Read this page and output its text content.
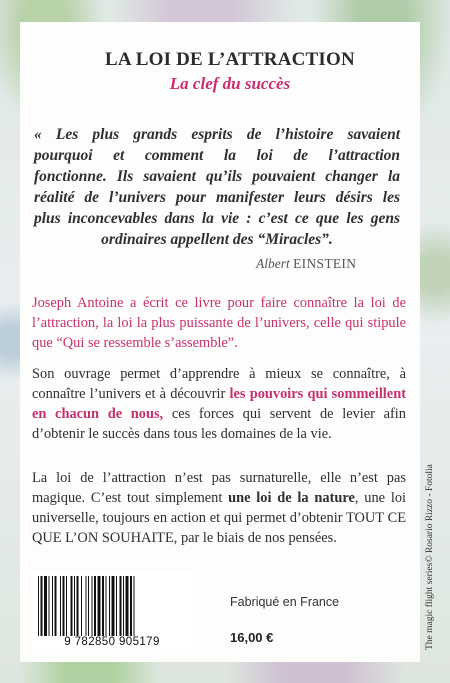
LA LOI DE L’ATTRACTION
La clef du succès

« Les plus grands esprits de l’histoire savaient

pourquoi et comment la loi de l’attraction

fonctionne. Ils savaient qu’ils pouvaient changer la

réalité de l’univers pour manifester leurs désirs les

plus inconcevables dans la vie : c’est ce que les gens

ordinaires appellent des “Miracles”.

Albert EINSTEIN

Joseph Antoine a écrit ce livre pour faire connaître la loi de l’attraction, la loi la plus puissante de l’univers, celle qui stipule que “Qui se ressemble s’assemble”.

Son ouvrage permet d’apprendre à mieux se connaître, à connaître l’univers et à découvrir les pouvoirs qui sommeillent en chacun de nous, ces forces qui servent de levier afin d’obtenir le succès dans tous les domaines de la vie.

La loi de l’attraction n’est pas surnaturelle, elle n’est pas magique. C’est tout simplement une loi de la nature, une loi universelle, toujours en action et qui permet d’obtenir TOUT CE QUE L’ON SOUHAITE, par le biais de nos pensées.

9 782850 905179
Fabriqué en France
16,00 €	The magic flight series© Rosario Rizzo - Fotolia
